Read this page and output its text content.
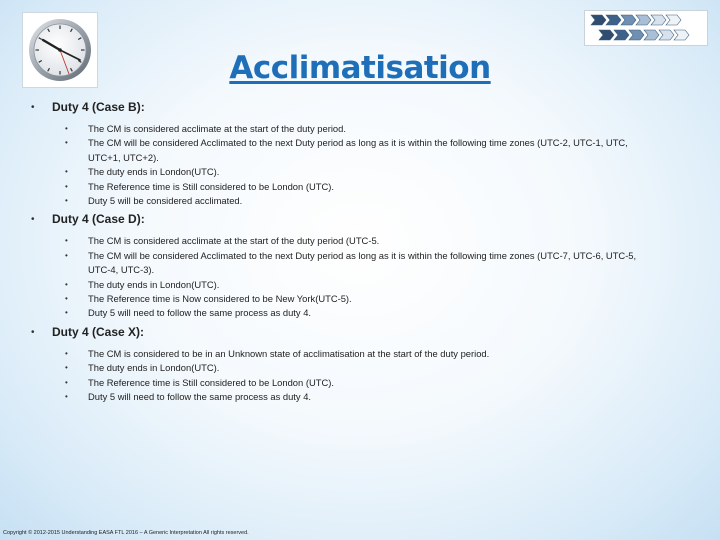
Acclimatisation
• Duty 4 (Case B):
• The CM is considered acclimate at the start of the duty period.
• The CM will be considered Acclimated to the next Duty period as long as it is within the following time zones (UTC-2, UTC-1, UTC, UTC+1, UTC+2).
• The duty ends in London(UTC).
• The Reference time is Still considered to be London (UTC).
• Duty 5 will be considered acclimated.
• Duty 4 (Case D):
• The CM is considered acclimate at the start of the duty period (UTC-5.
• The CM will be considered Acclimated to the next Duty period as long as it is within the following time zones (UTC-7, UTC-6, UTC-5, UTC-4, UTC-3).
• The duty ends in London(UTC).
• The Reference time is Now considered to be New York(UTC-5).
• Duty 5 will need to follow the same process as duty 4.
• Duty 4 (Case X):
• The CM is considered to be in an Unknown state of acclimatisation at the start of the duty period.
• The duty ends in London(UTC).
• The Reference time is Still considered to be London (UTC).
• Duty 5 will need to follow the same process as duty 4.
Copyright © 2012-2015 Understanding EASA FTL 2016 – A Generic Interpretation All rights reserved.
